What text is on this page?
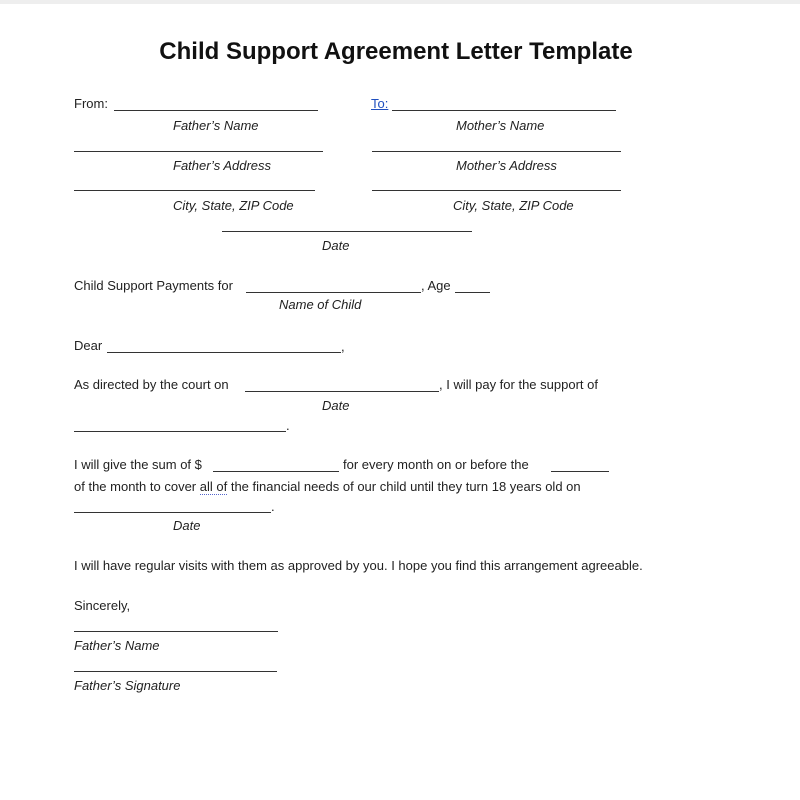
Child Support Agreement Letter Template
From:	To:
Father’s Name	Mother’s Name
Father’s Address	Mother’s Address
City, State, ZIP Code	City, State, ZIP Code
Date
Child Support Payments for	, Age
Name of Child
Dear	,
As directed by the court on	, I will pay for the support of
Date
.
I will give the sum of $	for every month on or before the
of the month to cover all of the financial needs of our child until they turn 18 years old on
.
Date
I will have regular visits with them as approved by you. I hope you find this arrangement agreeable.
Sincerely,
Father’s Name
Father’s Signature
